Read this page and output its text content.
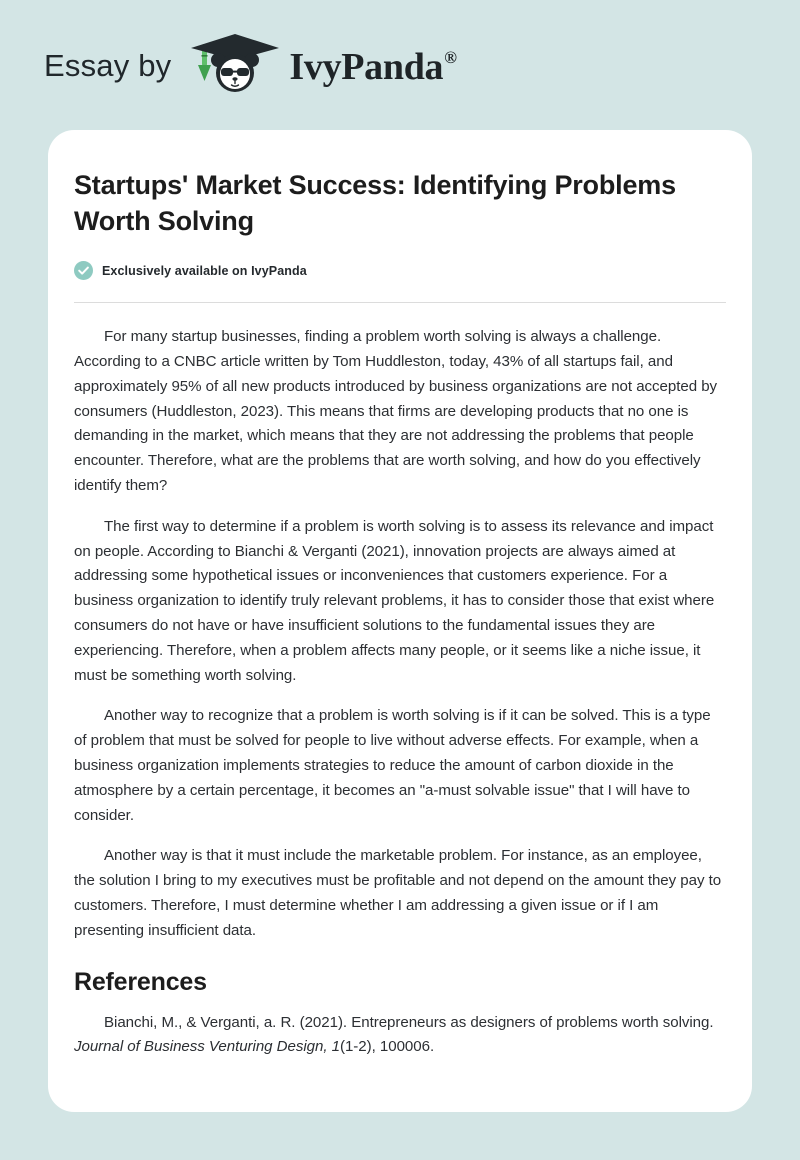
Essay by	IvyPanda®
Startups' Market Success: Identifying Problems Worth Solving
Exclusively available on IvyPanda

For many startup businesses, finding a problem worth solving is always a challenge. According to a CNBC article written by Tom Huddleston, today, 43% of all startups fail, and approximately 95% of all new products introduced by business organizations are not accepted by consumers (Huddleston, 2023). This means that firms are developing products that no one is demanding in the market, which means that they are not addressing the problems that people encounter. Therefore, what are the problems that are worth solving, and how do you effectively identify them?

The first way to determine if a problem is worth solving is to assess its relevance and impact on people. According to Bianchi & Verganti (2021), innovation projects are always aimed at addressing some hypothetical issues or inconveniences that customers experience. For a business organization to identify truly relevant problems, it has to consider those that exist where consumers do not have or have insufficient solutions to the fundamental issues they are experiencing. Therefore, when a problem affects many people, or it seems like a niche issue, it must be something worth solving.

Another way to recognize that a problem is worth solving is if it can be solved. This is a type of problem that must be solved for people to live without adverse effects. For example, when a business organization implements strategies to reduce the amount of carbon dioxide in the atmosphere by a certain percentage, it becomes an "a-must solvable issue" that I will have to consider.

Another way is that it must include the marketable problem. For instance, as an employee, the solution I bring to my executives must be profitable and not depend on the amount they pay to customers. Therefore, I must determine whether I am addressing a given issue or if I am presenting insufficient data.

References

Bianchi, M., & Verganti, a. R. (2021). Entrepreneurs as designers of problems worth solving. Journal of Business Venturing Design, 1(1-2), 100006.
